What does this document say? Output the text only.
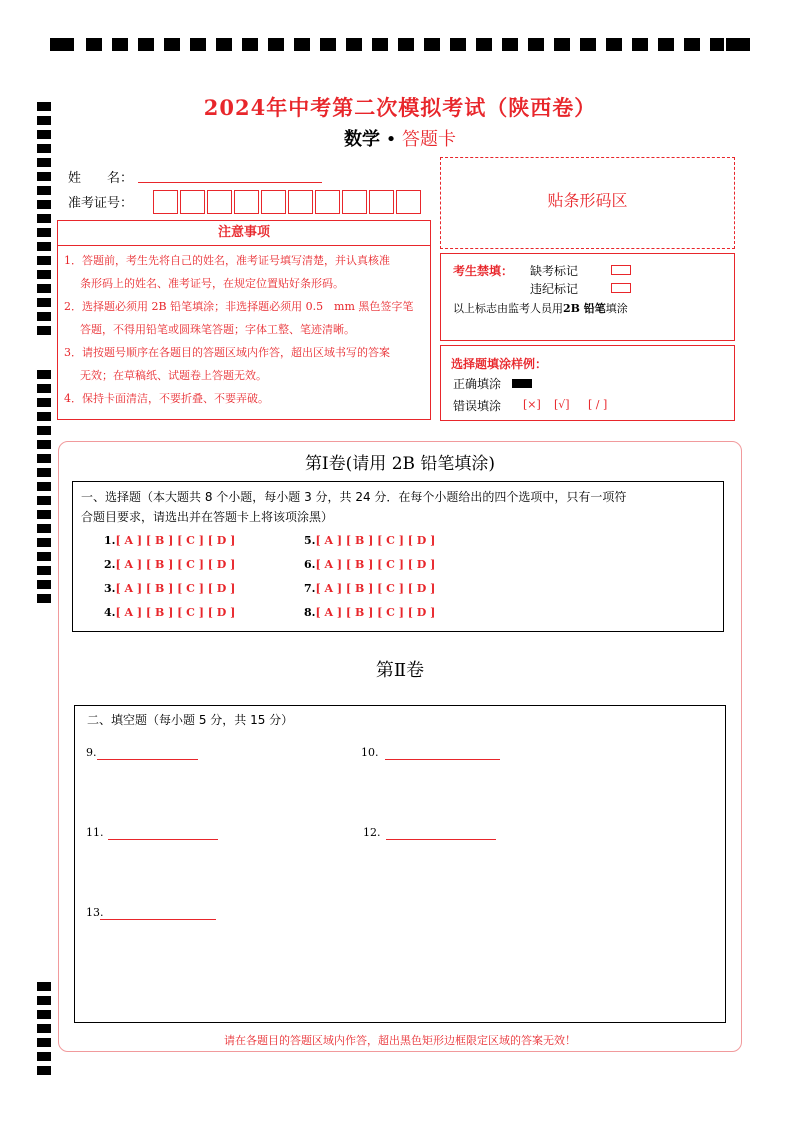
2024年中考第二次模拟考试（陕西卷）
数学 • 答题卡
姓　　名：
准考证号：
注意事项

1．答题前，考生先将自己的姓名，准考证号填写清楚，并认真核准

条形码上的姓名、准考证号，在规定位置贴好条形码。

2．选择题必须用 2B 铅笔填涂；非选择题必须用 0.5　mm 黑色签字笔

答题，不得用铅笔或圆珠笔答题；字体工整、笔迹清晰。

3．请按题号顺序在各题目的答题区域内作答，超出区域书写的答案

无效；在草稿纸、试题卷上答题无效。

4．保持卡面清洁，不要折叠、不要弄破。

贴条形码区
考生禁填： 缺考标记
违纪标记
以上标志由监考人员用2B 铅笔填涂
选择题填涂样例：
正确填涂
错误填涂 [×] [√] [ / ]
第Ⅰ卷(请用 2B 铅笔填涂)
一、选择题（本大题共 8 个小题，每小题 3 分，共 24 分．在每个小题给出的四个选项中，只有一项符
合题目要求，请选出并在答题卡上将该项涂黑）
1.[ A ] [ B ] [ C ] [ D ]
2.[ A ] [ B ] [ C ] [ D ]
3.[ A ] [ B ] [ C ] [ D ]
4.[ A ] [ B ] [ C ] [ D ]
5.[ A ] [ B ] [ C ] [ D ]
6.[ A ] [ B ] [ C ] [ D ]
7.[ A ] [ B ] [ C ] [ D ]
8.[ A ] [ B ] [ C ] [ D ]
第Ⅱ卷
二、填空题（每小题 5 分，共 15 分）
9.	10.
11.	12.
13.
请在各题目的答题区域内作答，超出黑色矩形边框限定区域的答案无效！
